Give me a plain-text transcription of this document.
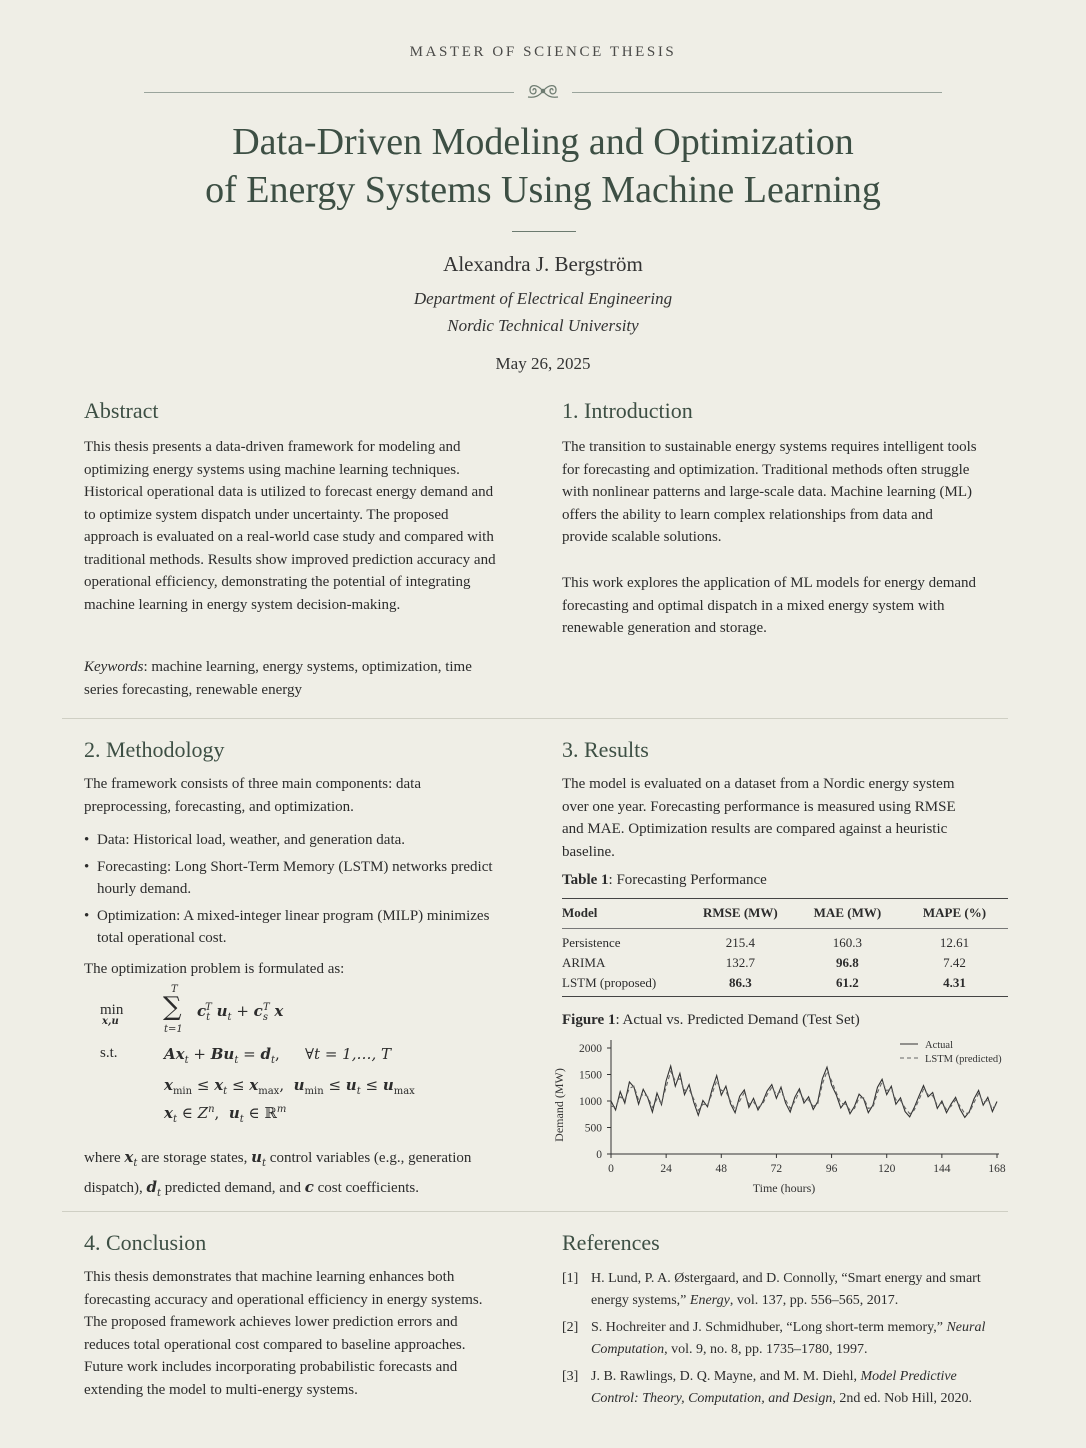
MASTER OF SCIENCE THESIS
Data-Driven Modeling and Optimization
of Energy Systems Using Machine Learning
Alexandra J. Bergström
Department of Electrical Engineering
Nordic Technical University
May 26, 2025
Abstract

This thesis presents a data-driven framework for modeling and optimizing energy systems using machine learning techniques. Historical operational data is utilized to forecast energy demand and to optimize system dispatch under uncertainty. The proposed approach is evaluated on a real-world case study and compared with traditional methods. Results show improved prediction accuracy and operational efficiency, demonstrating the potential of integrating machine learning in energy system decision-making.

Keywords: machine learning, energy systems, optimization, time series forecasting, renewable energy

1. Introduction

The transition to sustainable energy systems requires intelligent tools for forecasting and optimization. Traditional methods often struggle with nonlinear patterns and large-scale data. Machine learning (ML) offers the ability to learn complex relationships from data and provide scalable solutions.

This work explores the application of ML models for energy demand forecasting and optimal dispatch in a mixed energy system with renewable generation and storage.

2. Methodology

The framework consists of three main components: data preprocessing, forecasting, and optimization.

• Data: Historical load, weather, and generation data.
• Forecasting: Long Short-Term Memory (LSTM) networks predict hourly demand.
• Optimization: A mixed-integer linear program (MILP) minimizes total operational cost.

The optimization problem is formulated as:

min
x,u
T
∑
t=1
$c_t^T$ $u_t + c_s^T$ x
s.t.	$Ax_t + Bu_t = d_t$, ∀t = 1,…, T
$x_{min} \le x_t \le x_{max}$,  $u_{min} \le u_t \le u_{max}$
$x_t$ ∈ $Z^n$,  $u_t$ ∈ ℝ$^m$

where $x_t$ are storage states, $u_t$ control variables (e.g., generation dispatch), $d_t$ predicted demand, and c cost coefficients.

3. Results

The model is evaluated on a dataset from a Nordic energy system over one year. Forecasting performance is measured using RMSE and MAE. Optimization results are compared against a heuristic baseline.

Table 1: Forecasting Performance
Model	RMSE (MW)	MAE (MW)	MAPE (%)
Persistence	215.4	160.3	12.61
ARIMA	132.7	96.8	7.42
LSTM (proposed)	86.3	61.2	4.31
Figure 1: Actual vs. Predicted Demand (Test Set)
0
500
1000
1500
2000
0	24	48	72	96	120	144	168
Time (hours)
Demand (MW)
Actual
LSTM (predicted)
4. Conclusion

This thesis demonstrates that machine learning enhances both forecasting accuracy and operational efficiency in energy systems. The proposed framework achieves lower prediction errors and reduces total operational cost compared to baseline approaches. Future work includes incorporating probabilistic forecasts and extending the model to multi-energy systems.

References
[1] H. Lund, P. A. Østergaard, and D. Connolly, “Smart energy and smart energy systems,” Energy, vol. 137, pp. 556–565, 2017.
[2] S. Hochreiter and J. Schmidhuber, “Long short-term memory,” Neural Computation, vol. 9, no. 8, pp. 1735–1780, 1997.
[3] J. B. Rawlings, D. Q. Mayne, and M. M. Diehl, Model Predictive Control: Theory, Computation, and Design, 2nd ed. Nob Hill, 2020.
